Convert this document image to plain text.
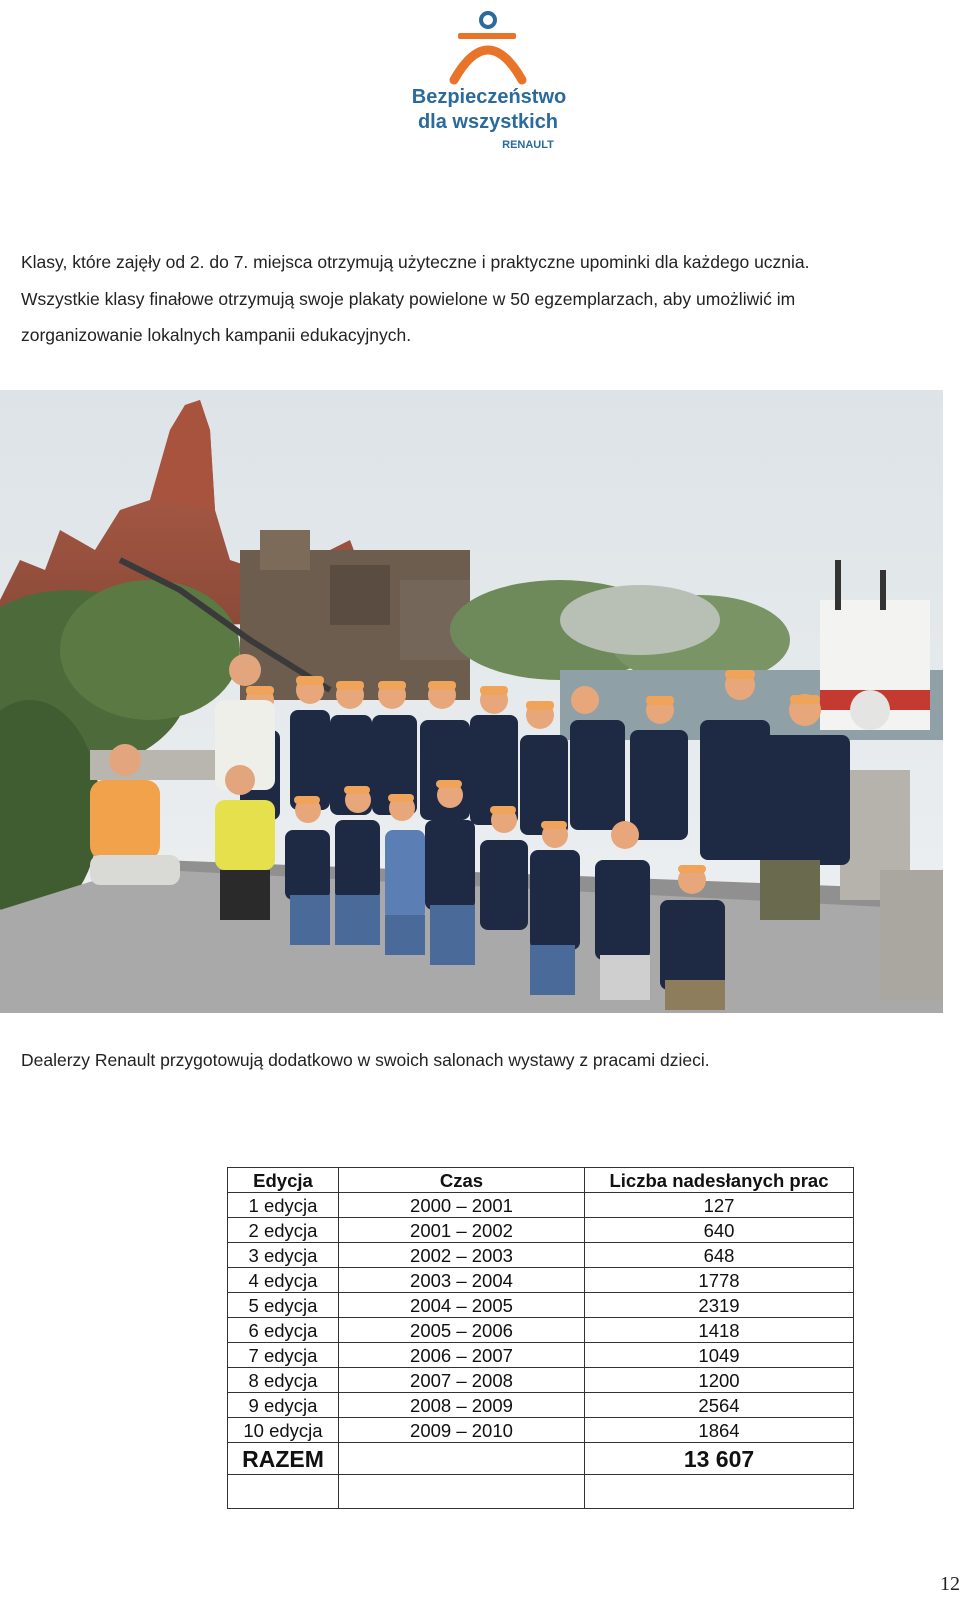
Bezpieczeństwo
dla wszystkich
RENAULT

Klasy, które zajęły od 2. do 7. miejsca otrzymują użyteczne i praktyczne upominki dla każdego ucznia.

Wszystkie klasy finałowe otrzymują swoje plakaty powielone w 50 egzemplarzach, aby umożliwić im

zorganizowanie lokalnych kampanii edukacyjnych.

Dealerzy Renault przygotowują dodatkowo w swoich salonach wystawy z pracami dzieci.

Edycja	Czas	Liczba nadesłanych prac
1 edycja	2000 – 2001	127
2 edycja	2001 – 2002	640
3 edycja	2002 – 2003	648
4 edycja	2003 – 2004	1778
5 edycja	2004 – 2005	2319
6 edycja	2005 – 2006	1418
7 edycja	2006 – 2007	1049
8 edycja	2007 – 2008	1200
9 edycja	2008 – 2009	2564
10 edycja	2009 – 2010	1864
RAZEM		13 607

12
